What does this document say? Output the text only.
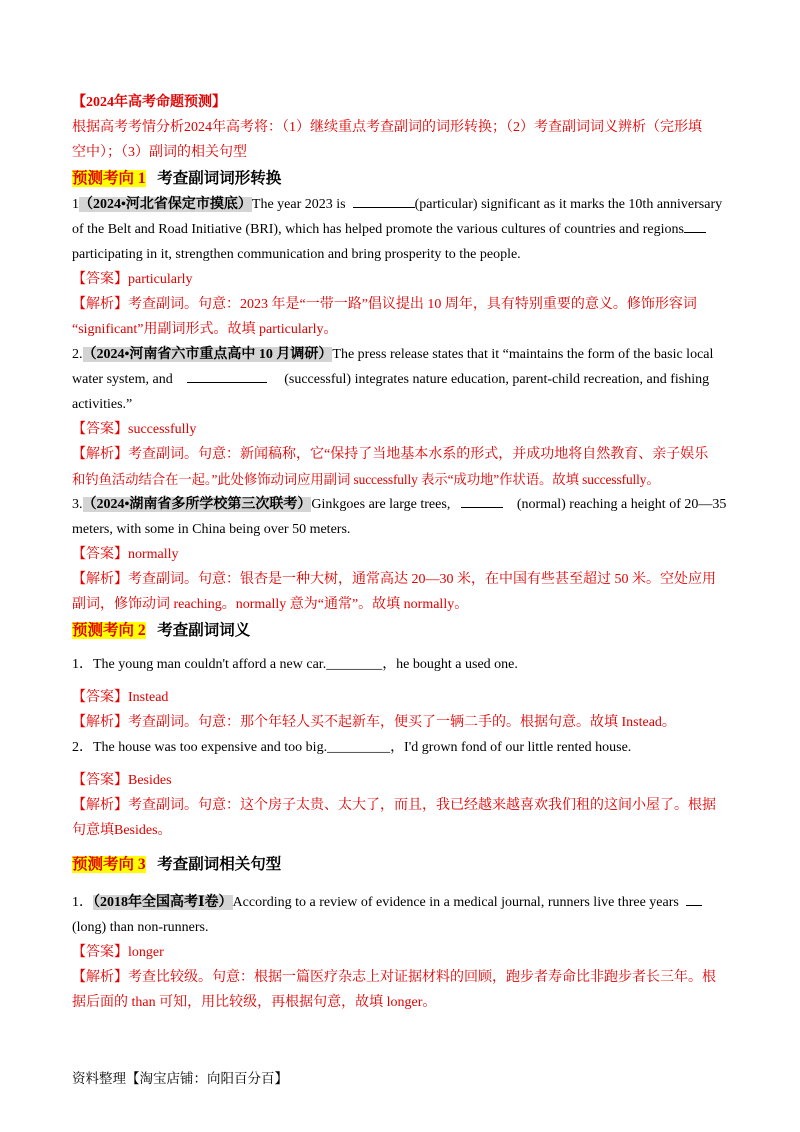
【2024年高考命题预测】

根据高考考情分析2024年高考将：（1）继续重点考查副词的词形转换；（2）考查副词词义辨析（完形填

空中）；（3）副词的相关句型

预测考向 1 考查副词词形转换

1（2024•河北省保定市摸底）The year 2023 is	(particular) significant as it marks the 10th anniversary

of the Belt and Road Initiative (BRI), which has helped promote the various cultures of countries and regions

participating in it, strengthen communication and bring prosperity to the people.

【答案】particularly

【解析】考查副词。句意：2023 年是“一带一路”倡议提出 10 周年，具有特别重要的意义。修饰形容词

“significant”用副词形式。故填 particularly。

2.（2024•河南省六市重点高中 10 月调研）The press release states that it “maintains the form of the basic local

water system, and	(successful) integrates nature education, parent-child recreation, and fishing

activities.”

【答案】successfully

【解析】考查副词。句意：新闻稿称，它“保持了当地基本水系的形式，并成功地将自然教育、亲子娱乐

和钓鱼活动结合在一起。”此处修饰动词应用副词 successfully 表示“成功地”作状语。故填 successfully。

3.（2024•湖南省多所学校第三次联考）Ginkgoes are large trees,	(normal) reaching a height of 20—35

meters, with some in China being over 50 meters.

【答案】normally

【解析】考查副词。句意：银杏是一种大树，通常高达 20—30 米，在中国有些甚至超过 50 米。空处应用

副词，修饰动词 reaching。normally 意为“通常”。故填 normally。

预测考向 2 考查副词词义

1．The young man couldn't afford a new car.________，he bought a used one.

【答案】Instead

【解析】考查副词。句意：那个年轻人买不起新车，便买了一辆二手的。根据句意。故填 Instead。

2．The house was too expensive and too big._________，I'd grown fond of our little rented house.

【答案】Besides

【解析】考查副词。句意：这个房子太贵、太大了，而且，我已经越来越喜欢我们租的这间小屋了。根据

句意填Besides。

预测考向 3 考查副词相关句型

1．（2018年全国高考Ⅰ卷）According to a review of evidence in a medical journal, runners live three years

(long) than non-runners.

【答案】longer

【解析】考查比较级。句意：根据一篇医疗杂志上对证据材料的回顾，跑步者寿命比非跑步者长三年。根

据后面的 than 可知，用比较级，再根据句意，故填 longer。

资料整理【淘宝店铺：向阳百分百】
